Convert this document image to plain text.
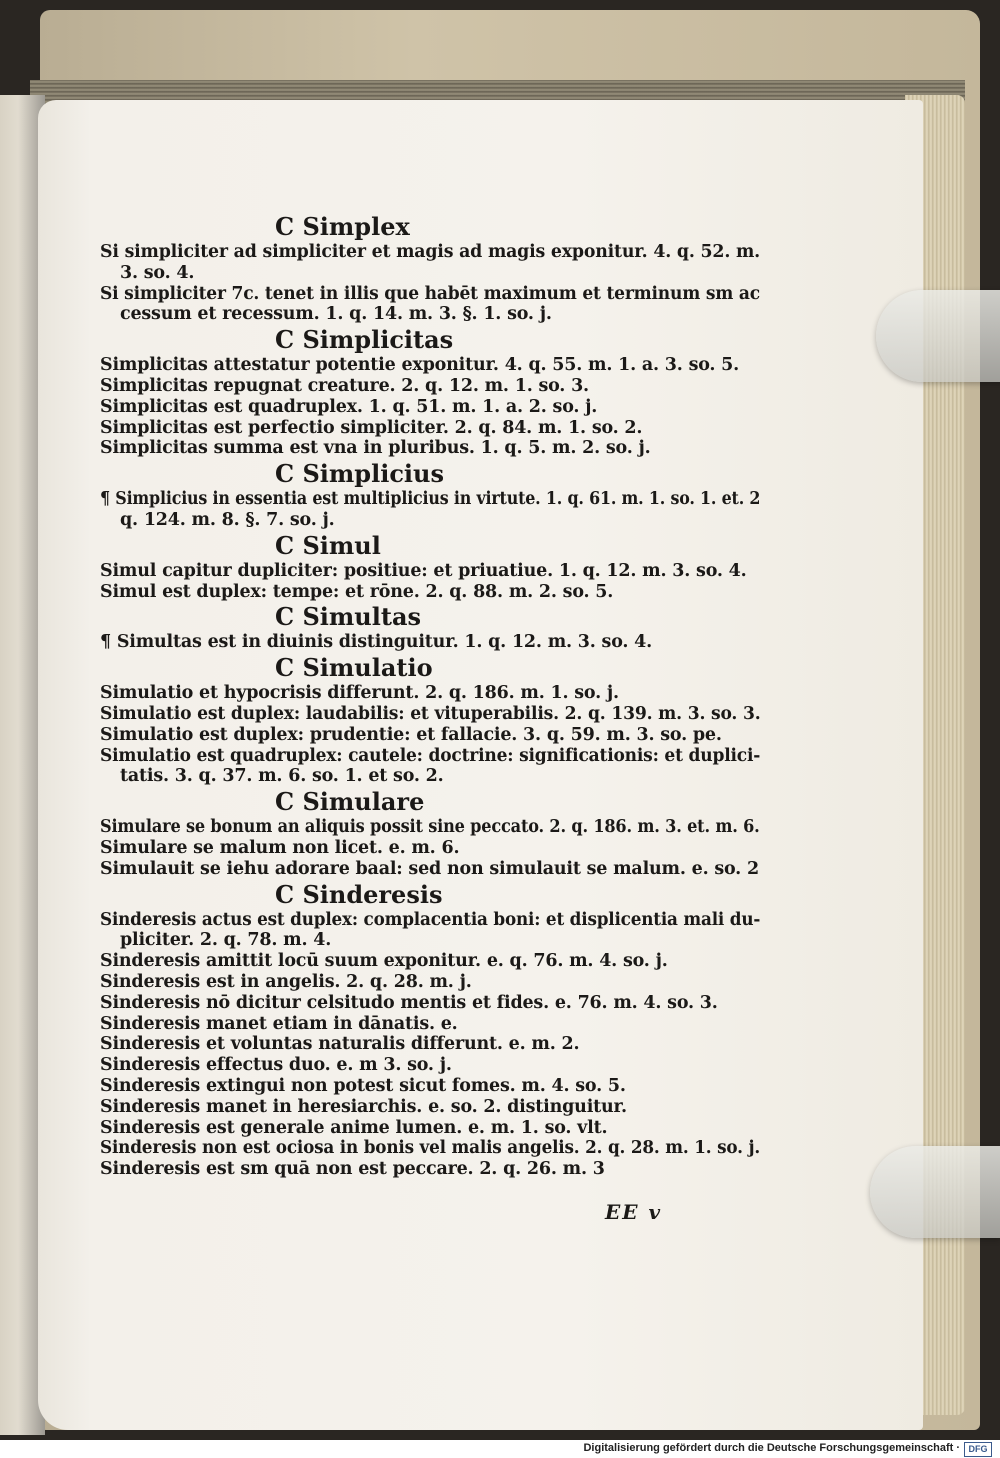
C Simplex
Si simpliciter ad simpliciter et magis ad magis exponitur. 4. q. 52. m.
3. so. 4.
Si simpliciter 7c. tenet in illis que habēt maximum et terminum sm ac
cessum et recessum. 1. q. 14. m. 3. §. 1. so. j.
C Simplicitas
Simplicitas attestatur potentie exponitur. 4. q. 55. m. 1. a. 3. so. 5.
Simplicitas repugnat creature. 2. q. 12. m. 1. so. 3.
Simplicitas est quadruplex. 1. q. 51. m. 1. a. 2. so. j.
Simplicitas est perfectio simpliciter. 2. q. 84. m. 1. so. 2.
Simplicitas summa est vna in pluribus. 1. q. 5. m. 2. so. j.
C Simplicius
¶ Simplicius in essentia est multiplicius in virtute. 1. q. 61. m. 1. so. 1. et. 2
q. 124. m. 8. §. 7. so. j.
C Simul
Simul capitur dupliciter: positiue: et priuatiue. 1. q. 12. m. 3. so. 4.
Simul est duplex: tempe: et rōne. 2. q. 88. m. 2. so. 5.
C Simultas
¶ Simultas est in diuinis distinguitur. 1. q. 12. m. 3. so. 4.
C Simulatio
Simulatio et hypocrisis differunt. 2. q. 186. m. 1. so. j.
Simulatio est duplex: laudabilis: et vituperabilis. 2. q. 139. m. 3. so. 3.
Simulatio est duplex: prudentie: et fallacie. 3. q. 59. m. 3. so. pe.
Simulatio est quadruplex: cautele: doctrine: significationis: et duplici-
tatis. 3. q. 37. m. 6. so. 1. et so. 2.
C Simulare
Simulare se bonum an aliquis possit sine peccato. 2. q. 186. m. 3. et. m. 6.
Simulare se malum non licet. e. m. 6.
Simulauit se iehu adorare baal: sed non simulauit se malum. e. so. 2
C Sinderesis
Sinderesis actus est duplex: complacentia boni: et displicentia mali du-
pliciter. 2. q. 78. m. 4.
Sinderesis amittit locū suum exponitur. e. q. 76. m. 4. so. j.
Sinderesis est in angelis. 2. q. 28. m. j.
Sinderesis nō dicitur celsitudo mentis et fides. e. 76. m. 4. so. 3.
Sinderesis manet etiam in dānatis. e.
Sinderesis et voluntas naturalis differunt. e. m. 2.
Sinderesis effectus duo. e. m 3. so. j.
Sinderesis extingui non potest sicut fomes. m. 4. so. 5.
Sinderesis manet in heresiarchis. e. so. 2. distinguitur.
Sinderesis est generale anime lumen. e. m. 1. so. vlt.
Sinderesis non est ociosa in bonis vel malis angelis. 2. q. 28. m. 1. so. j.
Sinderesis est sm quā non est peccare. 2. q. 26. m. 3
EE v
Digitalisierung gefördert durch die Deutsche Forschungsgemeinschaft · DFG
